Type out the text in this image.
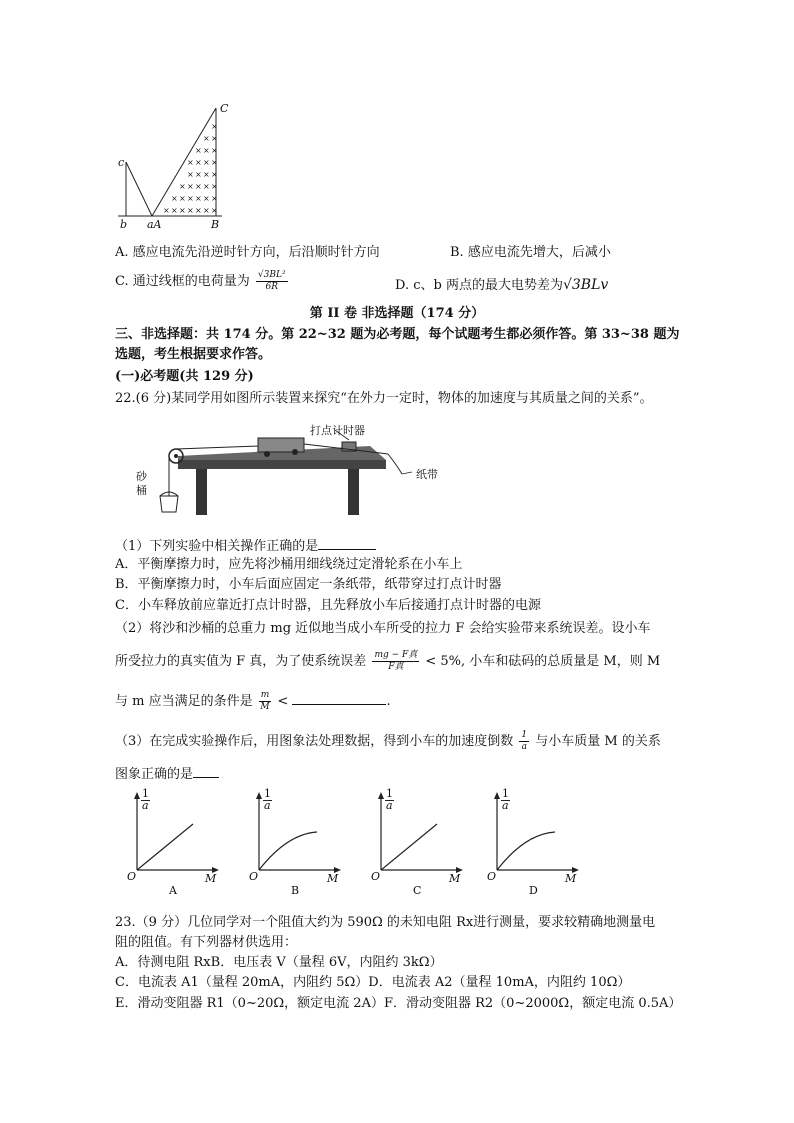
×
×
×
×
×
×
×
×
×
×
×
×
×
×
×
×
×
×
×
×
×
×
×
×
×
×
×
×
×
×
×
×
C
c
b aA	B
A. 感应电流先沿逆时针方向，后沿顺时针方向	B. 感应电流先增大，后减小
C. 通过线框的电荷量为 $\frac{\text{√3BL²}}{6R}$	D. c、b 两点的最大电势差为√3BLv
第 II 卷 非选择题（174 分）
三、非选择题：共 174 分。第 22~32 题为必考题，每个试题考生都必须作答。第 33~38 题为
选题，考生根据要求作答。
(一)必考题(共 129 分)
22.(6 分)某同学用如图所示装置来探究“在外力一定时，物体的加速度与其质量之间的关系”。
打点计时器
纸带
砂
桶
（1）下列实验中相关操作正确的是
A．平衡摩擦力时，应先将沙桶用细线绕过定滑轮系在小车上
B．平衡摩擦力时，小车后面应固定一条纸带，纸带穿过打点计时器
C．小车释放前应靠近打点计时器，且先释放小车后接通打点计时器的电源
（2）将沙和沙桶的总重力 mg 近似地当成小车所受的拉力 F 会给实验带来系统误差。设小车
所受拉力的真实值为 F 真，为了使系统误差 $\frac{\text{mg − F真}}{\text{F真}} < 5\%$, 小车和砝码的总质量是 M，则 M
与 m 应当满足的条件是 $\frac{m}{M}$ <	.
（3）在完成实验操作后，用图象法处理数据，得到小车的加速度倒数 $\frac{1}{a}$ 与小车质量 M 的关系
图象正确的是
1
a
O	M
A
1
a
O	M
B
1
a
O	M
C
1
a
O	M
D
23.（9 分）几位同学对一个阻值大约为 590Ω 的未知电阻 Rx进行测量，要求较精确地测量电
阻的阻值。有下列器材供选用：
A．待测电阻 RxB．电压表 V（量程 6V，内阻约 3kΩ）
C．电流表 A1（量程 20mA，内阻约 5Ω）D．电流表 A2（量程 10mA，内阻约 10Ω）
E．滑动变阻器 R1（0~20Ω，额定电流 2A）F．滑动变阻器 R2（0~2000Ω，额定电流 0.5A）
